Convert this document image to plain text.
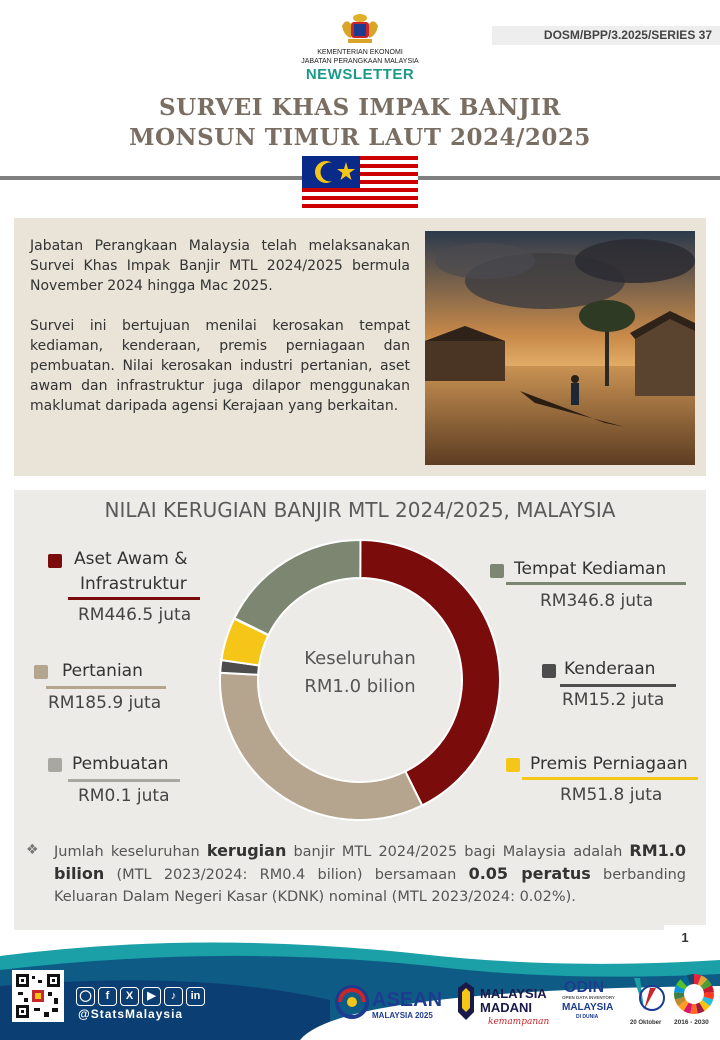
DOSM/BPP/3.2025/SERIES 37
KEMENTERIAN EKONOMI
JABATAN PERANGKAAN MALAYSIA
NEWSLETTER
SURVEI KHAS IMPAK BANJIR
MONSUN TIMUR LAUT 2024/2025

Jabatan Perangkaan Malaysia telah melaksanakan Survei Khas Impak Banjir MTL 2024/2025 bermula November 2024 hingga Mac 2025.

Survei ini bertujuan menilai kerosakan tempat kediaman, kenderaan, premis perniagaan dan pembuatan. Nilai kerosakan industri pertanian, aset awam dan infrastruktur juga dilapor menggunakan maklumat daripada agensi Kerajaan yang berkaitan.

NILAI KERUGIAN BANJIR MTL 2024/2025, MALAYSIA
Keseluruhan
RM1.0 bilion
Aset Awam &
Infrastruktur
RM446.5 juta
Pertanian
RM185.9 juta
Pembuatan
RM0.1 juta
Tempat Kediaman
RM346.8 juta
Kenderaan
RM15.2 juta
Premis Perniagaan
RM51.8 juta
❖ Jumlah keseluruhan kerugian banjir MTL 2024/2025 bagi Malaysia adalah RM1.0 bilion (MTL 2023/2024: RM0.4 bilion) bersamaan 0.05 peratus berbanding Keluaran Dalam Negeri Kasar (KDNK) nominal (MTL 2023/2024: 0.02%).
1
◯ f X ▶ ♪ in
@StatsMalaysia
ASEAN
MALAYSIA 2025
MALAYSIA
MADANI
kemampanan
ODIN
OPEN DATA INVENTORY
MALAYSIA
DI DUNIA
20 Oktober 2016 - 2030
